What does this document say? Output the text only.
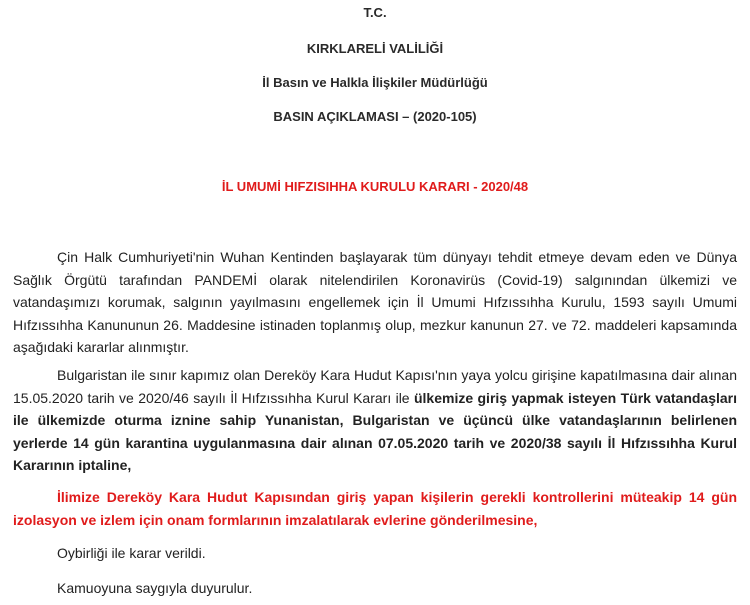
T.C.

KIRKLARELİ VALİLİĞİ

İl Basın ve Halkla İlişkiler Müdürlüğü

BASIN AÇIKLAMASI – (2020-105)

İL UMUMİ HIFZISIHHA KURULU KARARI - 2020/48

Çin Halk Cumhuriyeti'nin Wuhan Kentinden başlayarak tüm dünyayı tehdit etmeye devam eden ve Dünya Sağlık Örgütü tarafından PANDEMİ olarak nitelendirilen Koronavirüs (Covid-19) salgınından ülkemizi ve vatandaşımızı korumak, salgının yayılmasını engellemek için İl Umumi Hıfzıssıhha Kurulu, 1593 sayılı Umumi Hıfzıssıhha Kanununun 26. Maddesine istinaden toplanmış olup, mezkur kanunun 27. ve 72. maddeleri kapsamında aşağıdaki kararlar alınmıştır.

Bulgaristan ile sınır kapımız olan Dereköy Kara Hudut Kapısı'nın yaya yolcu girişine kapatılmasına dair alınan 15.05.2020 tarih ve 2020/46 sayılı İl Hıfzıssıhha Kurul Kararı ile ülkemize giriş yapmak isteyen Türk vatandaşları ile ülkemizde oturma iznine sahip Yunanistan, Bulgaristan ve üçüncü ülke vatandaşlarının belirlenen yerlerde 14 gün karantina uygulanmasına dair alınan 07.05.2020 tarih ve 2020/38 sayılı İl Hıfzıssıhha Kurul Kararının iptaline,

İlimize Dereköy Kara Hudut Kapısından giriş yapan kişilerin gerekli kontrollerini müteakip 14 gün izolasyon ve izlem için onam formlarının imzalatılarak evlerine gönderilmesine,

Oybirliği ile karar verildi.

Kamuoyuna saygıyla duyurulur.
